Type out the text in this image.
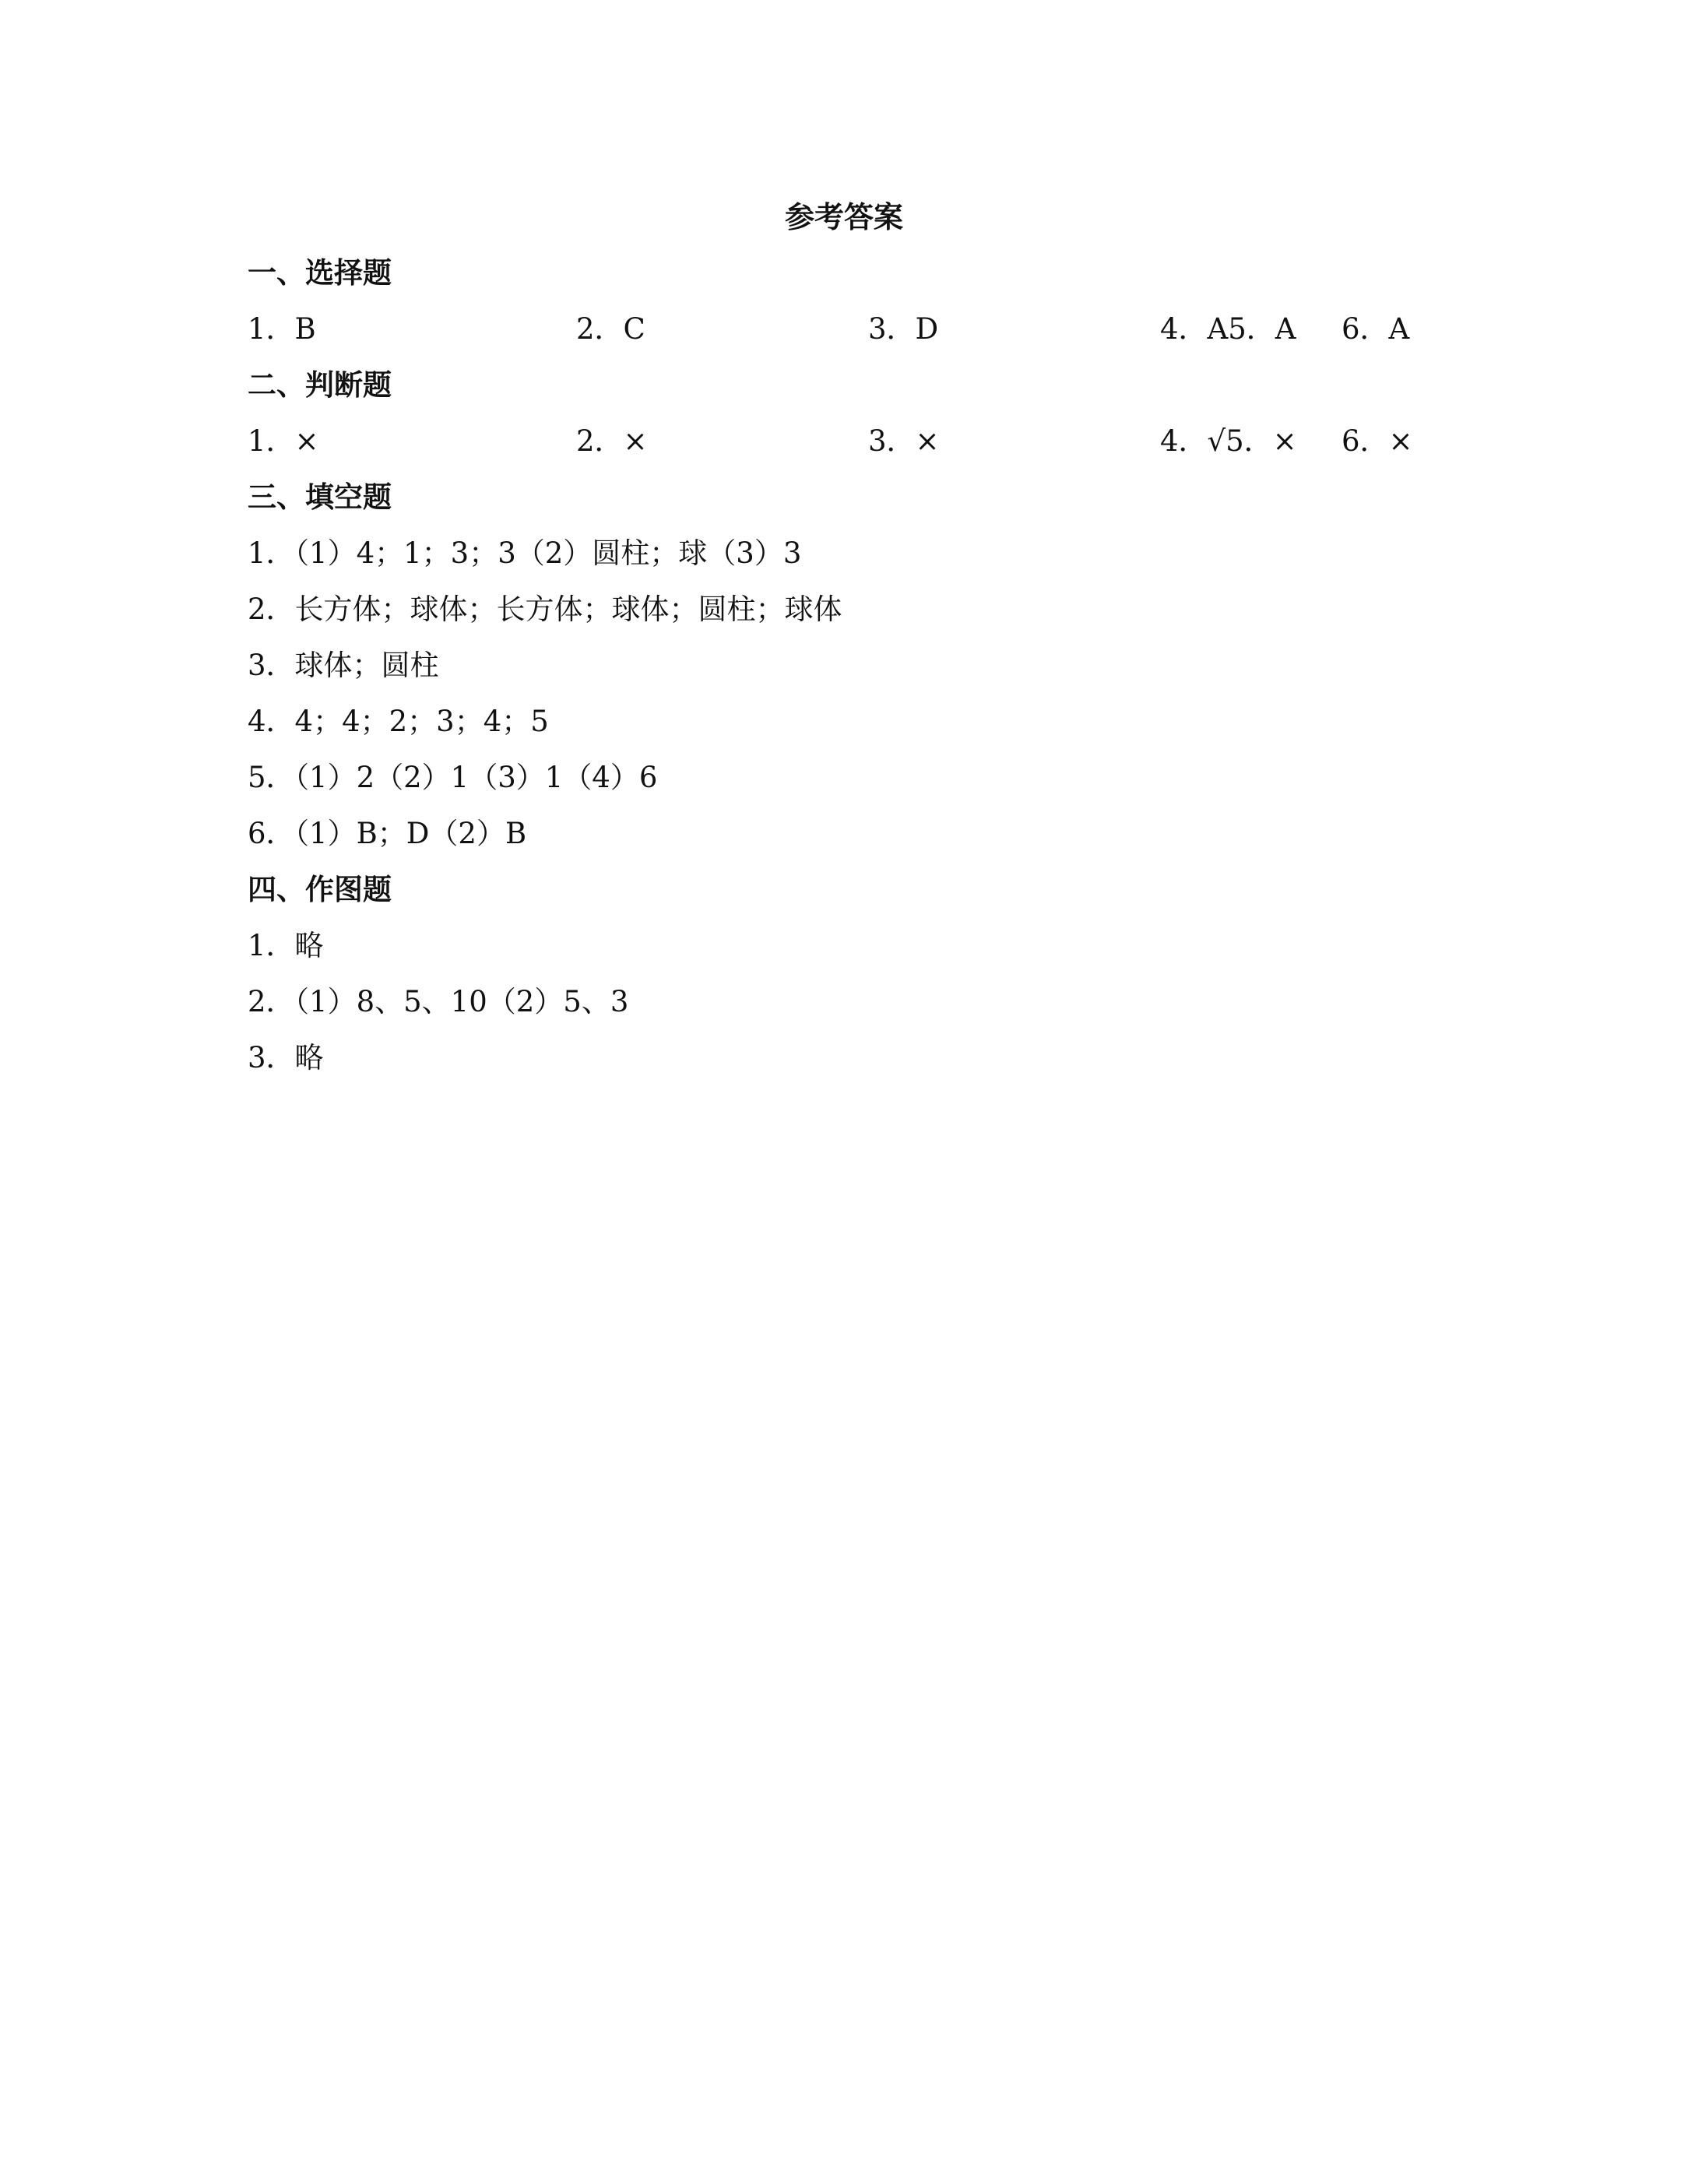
参考答案
一、选择题
1．B	2．C	3．D	4．A5．A 6．A
二、判断题
1．×	2．×	3．×	4．√5．× 6．×
三、填空题
1．（1）4；1；3；3（2）圆柱；球（3）3
2．长方体；球体；长方体；球体；圆柱；球体
3．球体；圆柱
4．4；4；2；3；4；5
5．（1）2（2）1（3）1（4）6
6．（1）B；D（2）B
四、作图题
1．略
2．（1）8、5、10（2）5、3
3．略
